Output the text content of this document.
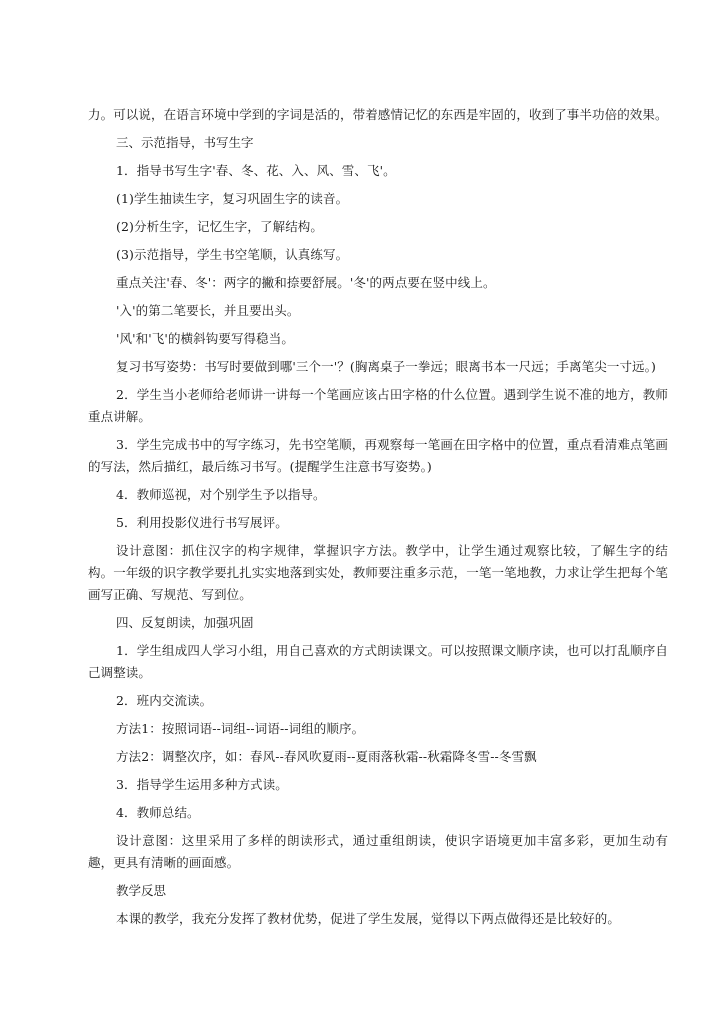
力。可以说，在语言环境中学到的字词是活的，带着感情记忆的东西是牢固的，收到了事半功倍的效果。

三、示范指导，书写生字

1．指导书写生字'春、冬、花、入、风、雪、飞'。

(1)学生抽读生字，复习巩固生字的读音。

(2)分析生字，记忆生字，了解结构。

(3)示范指导，学生书空笔顺，认真练写。

重点关注'春、冬'：两字的撇和捺要舒展。'冬'的两点要在竖中线上。

'入'的第二笔要长，并且要出头。

'风'和'飞'的横斜钩要写得稳当。

复习书写姿势：书写时要做到哪'三个一'？(胸离桌子一拳远；眼离书本一尺远；手离笔尖一寸远。)

2．学生当小老师给老师讲一讲每一个笔画应该占田字格的什么位置。遇到学生说不准的地方，教师重点讲解。

3．学生完成书中的写字练习，先书空笔顺，再观察每一笔画在田字格中的位置，重点看清难点笔画的写法，然后描红，最后练习书写。(提醒学生注意书写姿势。)

4．教师巡视，对个别学生予以指导。

5．利用投影仪进行书写展评。

设计意图：抓住汉字的构字规律，掌握识字方法。教学中，让学生通过观察比较，了解生字的结构。一年级的识字教学要扎扎实实地落到实处，教师要注重多示范，一笔一笔地教，力求让学生把每个笔画写正确、写规范、写到位。

四、反复朗读，加强巩固

1．学生组成四人学习小组，用自己喜欢的方式朗读课文。可以按照课文顺序读，也可以打乱顺序自己调整读。

2．班内交流读。

方法1：按照词语--词组--词语--词组的顺序。

方法2：调整次序，如：春风--春风吹夏雨--夏雨落秋霜--秋霜降冬雪--冬雪飘

3．指导学生运用多种方式读。

4．教师总结。

设计意图：这里采用了多样的朗读形式，通过重组朗读，使识字语境更加丰富多彩，更加生动有趣，更具有清晰的画面感。

教学反思

本课的教学，我充分发挥了教材优势，促进了学生发展，觉得以下两点做得还是比较好的。
